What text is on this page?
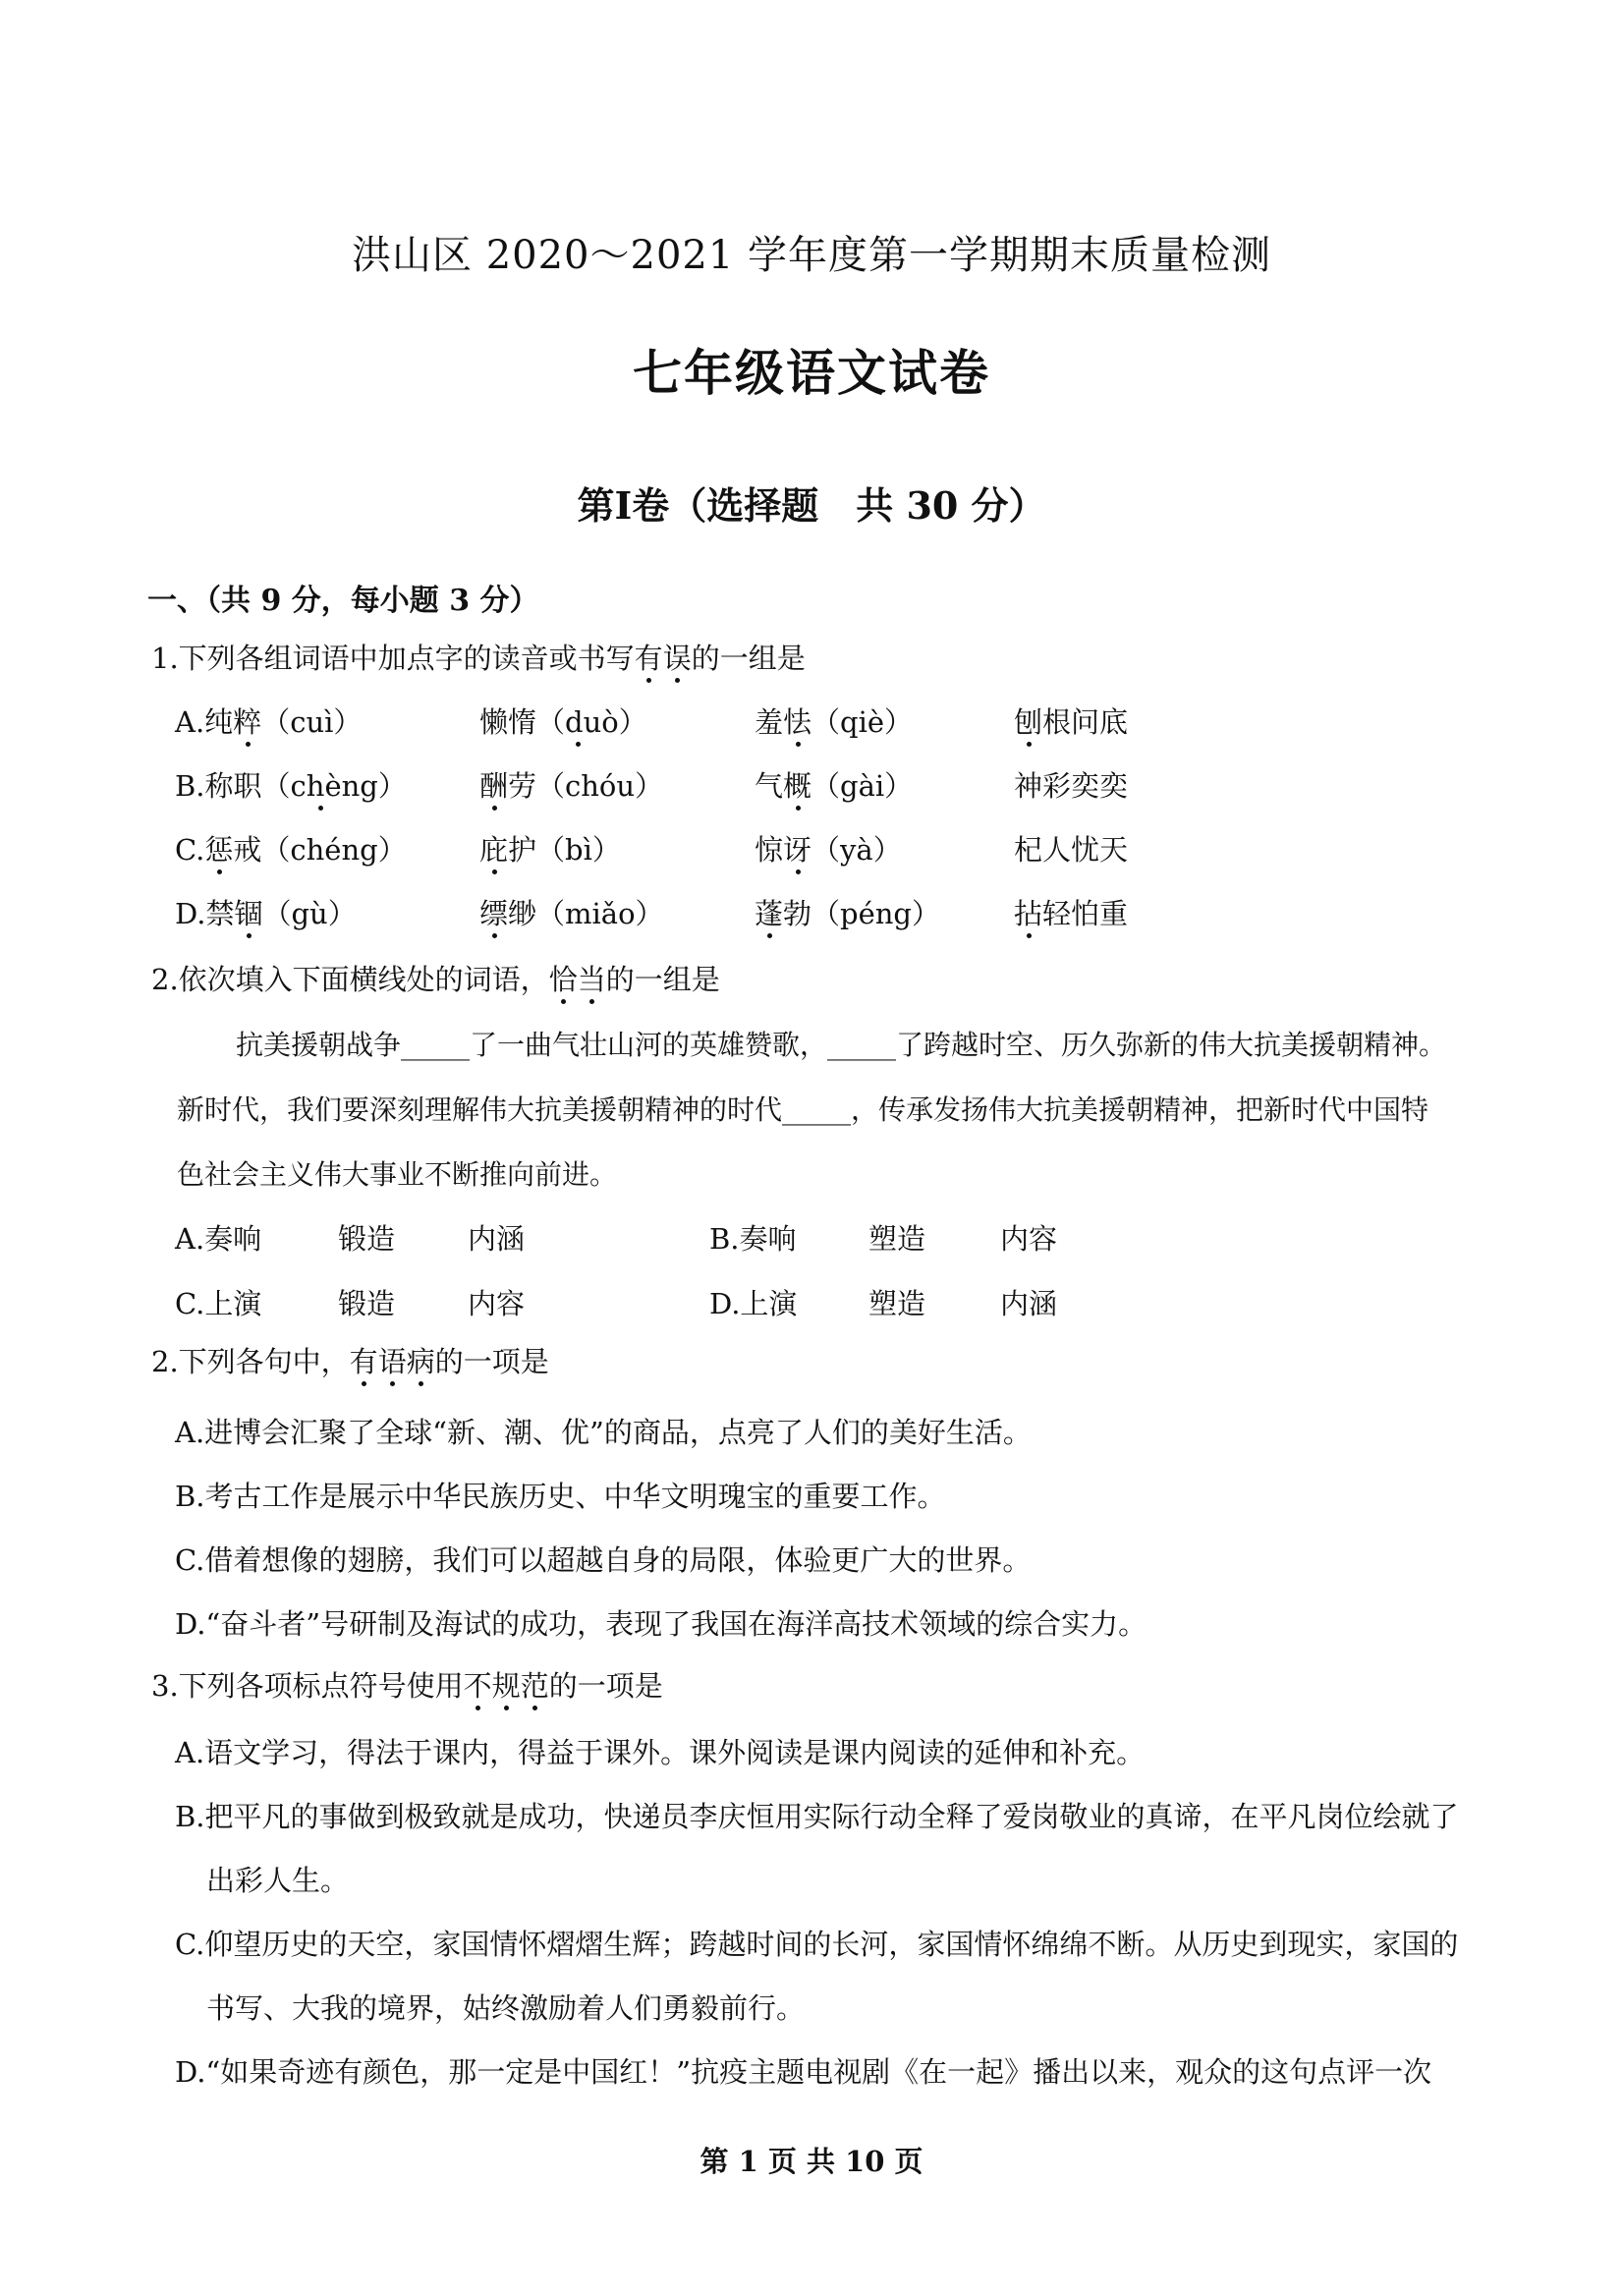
洪山区 2020～2021 学年度第一学期期末质量检测
七年级语文试卷
第Ⅰ卷（选择题　共 30 分）
一、（共 9 分，每小题 3 分）
1.下列各组词语中加点字的读音或书写有误的一组是
A.纯粹（cuì）	懒惰（duò）	羞怯（qiè）	刨根问底
B.称职（chèng）	酬劳（chóu）	气概（gài）	神彩奕奕
C.惩戒（chéng）	庇护（bì）	惊讶（yà）	杞人忧天
D.禁锢（gù）	缥缈（miǎo）	蓬勃（péng）	拈轻怕重
2.依次填入下面横线处的词语，恰当的一组是
抗美援朝战争_____了一曲气壮山河的英雄赞歌，_____了跨越时空、历久弥新的伟大抗美援朝精神。
新时代，我们要深刻理解伟大抗美援朝精神的时代_____，传承发扬伟大抗美援朝精神，把新时代中国特
色社会主义伟大事业不断推向前进。
A.奏响	锻造	内涵	B.奏响	塑造	内容
C.上演	锻造	内容	D.上演	塑造	内涵
2.下列各句中，有语病的一项是
A.进博会汇聚了全球“新、潮、优”的商品，点亮了人们的美好生活。
B.考古工作是展示中华民族历史、中华文明瑰宝的重要工作。
C.借着想像的翅膀，我们可以超越自身的局限，体验更广大的世界。
D.“奋斗者”号研制及海试的成功，表现了我国在海洋高技术领域的综合实力。
3.下列各项标点符号使用不规范的一项是
A.语文学习，得法于课内，得益于课外。课外阅读是课内阅读的延伸和补充。
B.把平凡的事做到极致就是成功，快递员李庆恒用实际行动全释了爱岗敬业的真谛，在平凡岗位绘就了
出彩人生。
C.仰望历史的天空，家国情怀熠熠生辉；跨越时间的长河，家国情怀绵绵不断。从历史到现实，家国的
书写、大我的境界，姑终激励着人们勇毅前行。
D.“如果奇迹有颜色，那一定是中国红！”抗疫主题电视剧《在一起》播出以来，观众的这句点评一次
第 1 页 共 10 页
